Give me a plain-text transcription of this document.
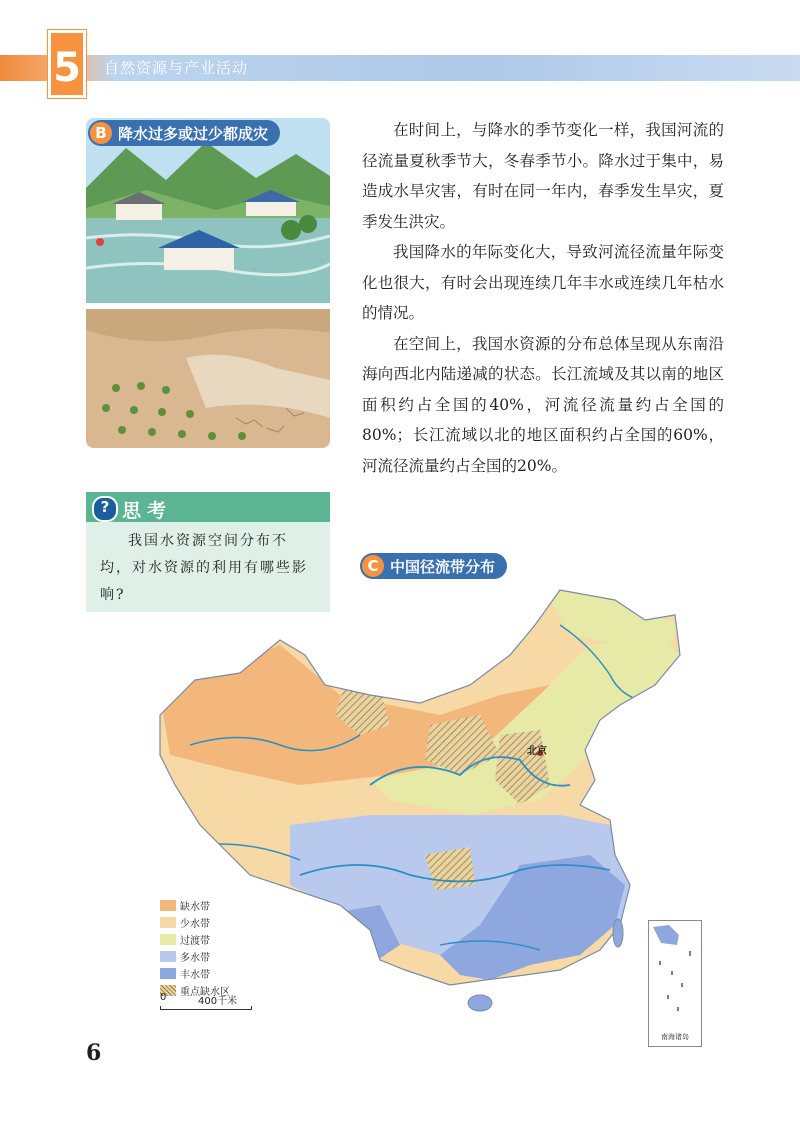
5 自然资源与产业活动
B 降水过多或过少都成灾
? 思考
我国水资源空间分布不均，对水资源的利用有哪些影响?

在时间上，与降水的季节变化一样，我国河流的径流量夏秋季节大，冬春季节小。降水过于集中，易造成水旱灾害，有时在同一年内，春季发生旱灾，夏季发生洪灾。

我国降水的年际变化大，导致河流径流量年际变化也很大，有时会出现连续几年丰水或连续几年枯水的情况。

在空间上，我国水资源的分布总体呈现从东南沿海向西北内陆递减的状态。长江流域及其以南的地区面积约占全国的40%，河流径流量约占全国的80%；长江流域以北的地区面积约占全国的60%，河流径流量约占全国的20%。

C 中国径流带分布
北京
缺水带
少水带
过渡带
多水带
丰水带
重点缺水区
0	400千米
南海诸岛
6
